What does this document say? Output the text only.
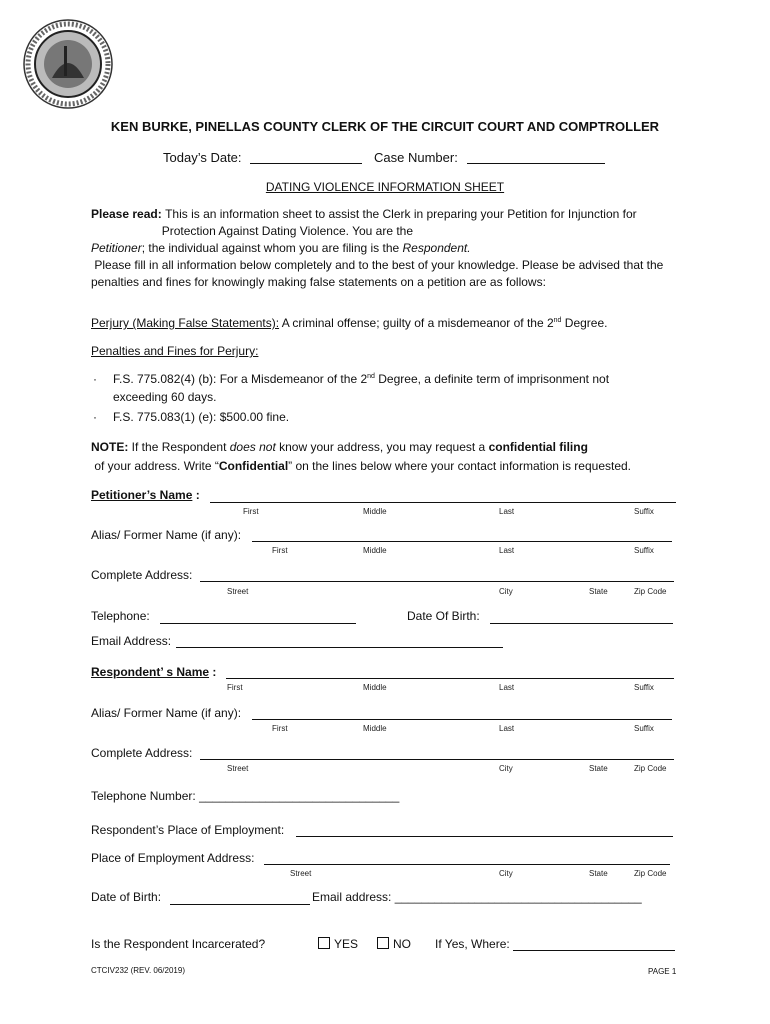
KEN BURKE, PINELLAS COUNTY CLERK OF THE CIRCUIT COURT AND COMPTROLLER
Today’s Date:	Case Number:
DATING VIOLENCE INFORMATION SHEET
Please read: This is an information sheet to assist the Clerk in preparing your Petition for Injunction for Protection Against Dating Violence. You are the
Petitioner ; the individual against whom you are filing is the Respondent.
Please fill in all information below completely and to the best of your knowledge. Please be advised that the penalties and fines for knowingly making false statements on a petition are as follows:
Perjury (Making False Statements): A criminal offense; guilty of a misdemeanor of the 2nd Degree.
Penalties and Fines for Perjury:
· F.S. 775.082(4) (b): For a Misdemeanor of the 2nd Degree, a definite term of imprisonment not
exceeding 60 days.
· F.S. 775.083(1) (e): $500.00 fine.
NOTE: If the Respondent does not know your address, you may request a confidential filing
of your address. Write “ Confidential ” on the lines below where your contact information is requested.
Petitioner’s Name :
First	Middle	Last	Suffix
Alias/ Former Name (if any):
First	Middle	Last	Suffix
Complete Address:
Street	City	State	Zip Code
Telephone:	Date Of Birth:
Email Address:
Respondent’ s Name :
First	Middle	Last	Suffix
Alias/ Former Name (if any):
First	Middle	Last	Suffix
Complete Address:
Street	City	State	Zip Code
Telephone Number: ______________________________
Respondent’s Place of Employment:
Place of Employment Address:
Street	City	State	Zip Code
Date of Birth:	Email address: _____________________________________
Is the Respondent Incarcerated?	YES	NO If Yes, Where:
CTCIV232 (REV. 06/2019)	PAGE 1
